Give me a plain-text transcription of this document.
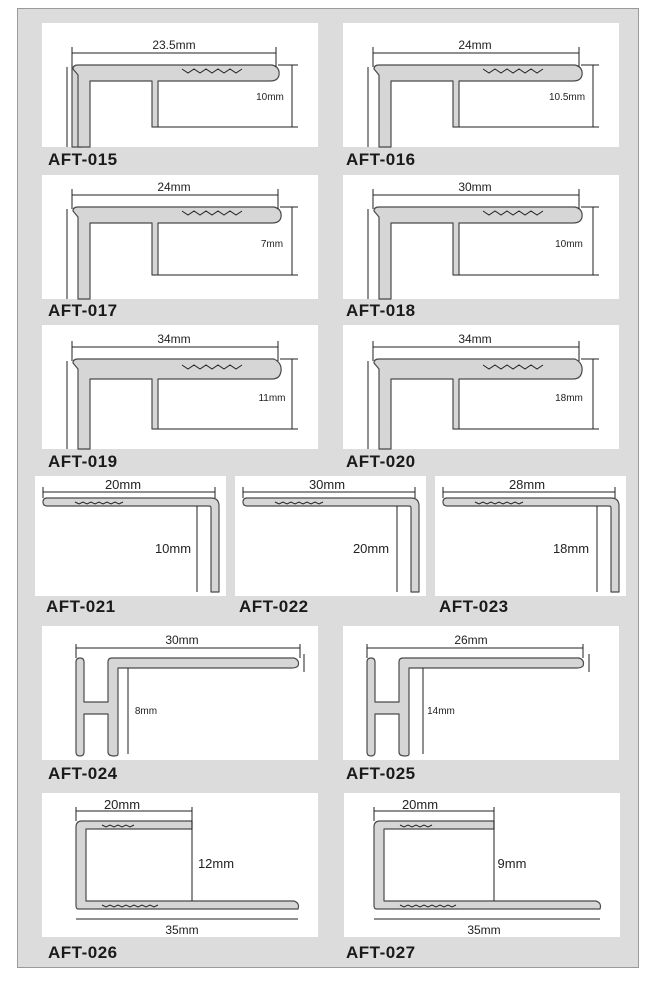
23.5mm
10mm
AFT-015
24mm
10.5mm
AFT-016
24mm
7mm
AFT-017
30mm
10mm
AFT-018
34mm
11mm
AFT-019
34mm
18mm
AFT-020
20mm
10mm
AFT-021
30mm
20mm
AFT-022
28mm
18mm
AFT-023
30mm
8mm
AFT-024
26mm
14mm
AFT-025
20mm
12mm
35mm
AFT-026
20mm
9mm
35mm
AFT-027
